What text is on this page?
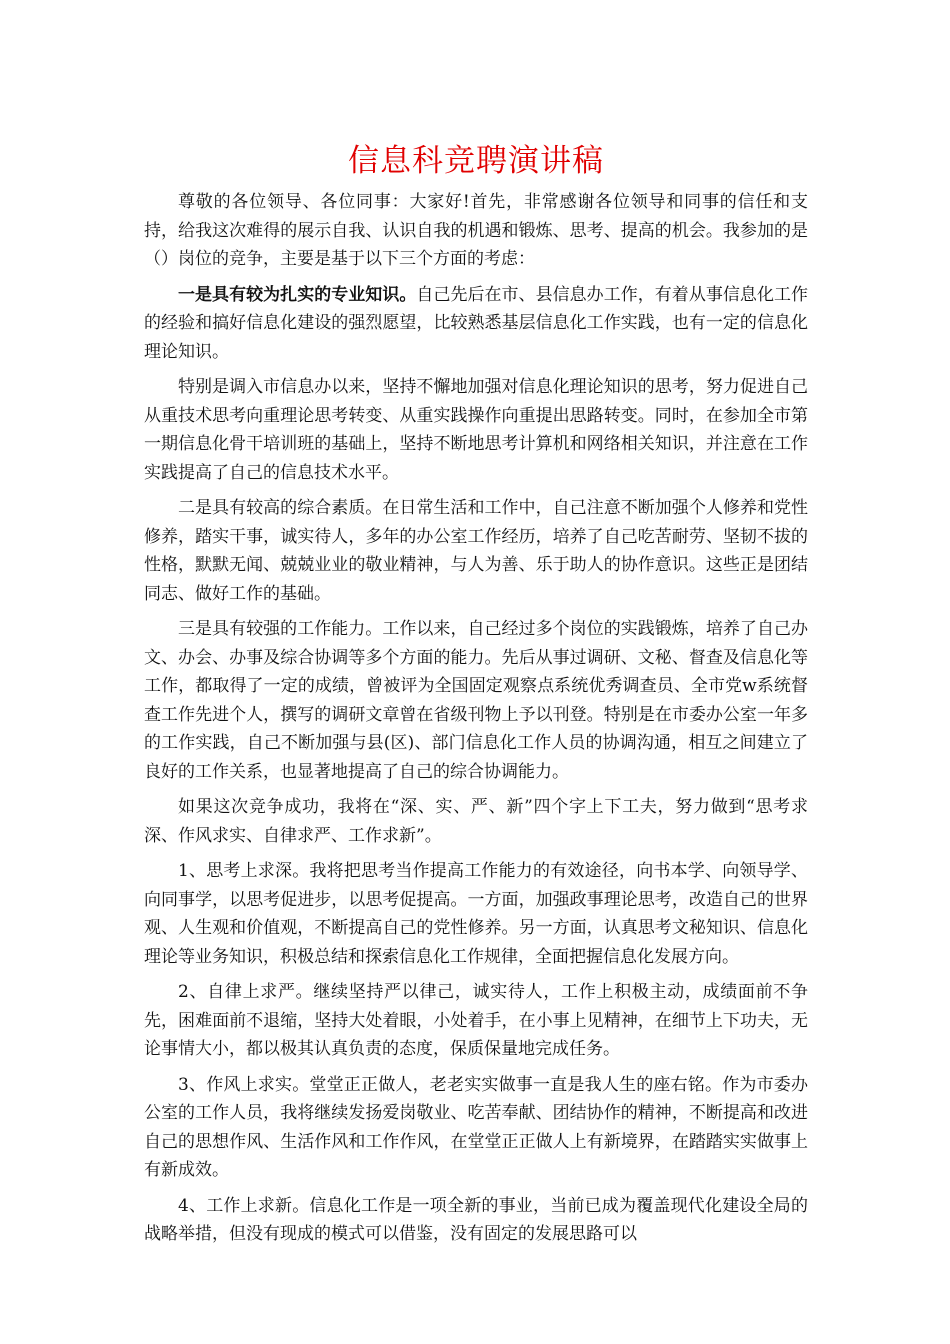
信息科竞聘演讲稿

尊敬的各位领导、各位同事：大家好!首先，非常感谢各位领导和同事的信任和支持，给我这次难得的展示自我、认识自我的机遇和锻炼、思考、提高的机会。我参加的是（）岗位的竞争，主要是基于以下三个方面的考虑：

一是具有较为扎实的专业知识。自己先后在市、县信息办工作，有着从事信息化工作的经验和搞好信息化建设的强烈愿望，比较熟悉基层信息化工作实践，也有一定的信息化理论知识。

特别是调入市信息办以来，坚持不懈地加强对信息化理论知识的思考，努力促进自己从重技术思考向重理论思考转变、从重实践操作向重提出思路转变。同时，在参加全市第一期信息化骨干培训班的基础上，坚持不断地思考计算机和网络相关知识，并注意在工作实践提高了自己的信息技术水平。

二是具有较高的综合素质。在日常生活和工作中，自己注意不断加强个人修养和党性修养，踏实干事，诚实待人，多年的办公室工作经历，培养了自己吃苦耐劳、坚韧不拔的性格，默默无闻、兢兢业业的敬业精神，与人为善、乐于助人的协作意识。这些正是团结同志、做好工作的基础。

三是具有较强的工作能力。工作以来，自己经过多个岗位的实践锻炼，培养了自己办文、办会、办事及综合协调等多个方面的能力。先后从事过调研、文秘、督查及信息化等工作，都取得了一定的成绩，曾被评为全国固定观察点系统优秀调查员、全市党w系统督查工作先进个人，撰写的调研文章曾在省级刊物上予以刊登。特别是在市委办公室一年多的工作实践，自己不断加强与县(区)、部门信息化工作人员的协调沟通，相互之间建立了良好的工作关系，也显著地提高了自己的综合协调能力。

如果这次竞争成功，我将在“深、实、严、新”四个字上下工夫，努力做到“思考求深、作风求实、自律求严、工作求新”。

1、思考上求深。我将把思考当作提高工作能力的有效途径，向书本学、向领导学、向同事学，以思考促进步，以思考促提高。一方面，加强政事理论思考，改造自己的世界观、人生观和价值观，不断提高自己的党性修养。另一方面，认真思考文秘知识、信息化理论等业务知识，积极总结和探索信息化工作规律，全面把握信息化发展方向。

2、自律上求严。继续坚持严以律己，诚实待人，工作上积极主动，成绩面前不争先，困难面前不退缩，坚持大处着眼，小处着手，在小事上见精神，在细节上下功夫，无论事情大小，都以极其认真负责的态度，保质保量地完成任务。

3、作风上求实。堂堂正正做人，老老实实做事一直是我人生的座右铭。作为市委办公室的工作人员，我将继续发扬爱岗敬业、吃苦奉献、团结协作的精神，不断提高和改进自己的思想作风、生活作风和工作作风，在堂堂正正做人上有新境界，在踏踏实实做事上有新成效。

4、工作上求新。信息化工作是一项全新的事业，当前已成为覆盖现代化建设全局的战略举措，但没有现成的模式可以借鉴，没有固定的发展思路可以
